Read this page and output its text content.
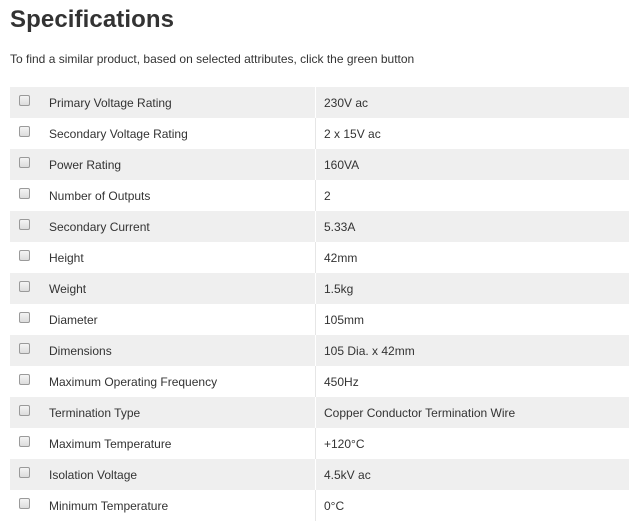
Specifications
To find a similar product, based on selected attributes, click the green button
Primary Voltage Rating	230V ac
Secondary Voltage Rating	2 x 15V ac
Power Rating	160VA
Number of Outputs	2
Secondary Current	5.33A
Height	42mm
Weight	1.5kg
Diameter	105mm
Dimensions	105 Dia. x 42mm
Maximum Operating Frequency	450Hz
Termination Type	Copper Conductor Termination Wire
Maximum Temperature	+120°C
Isolation Voltage	4.5kV ac
Minimum Temperature	0°C
